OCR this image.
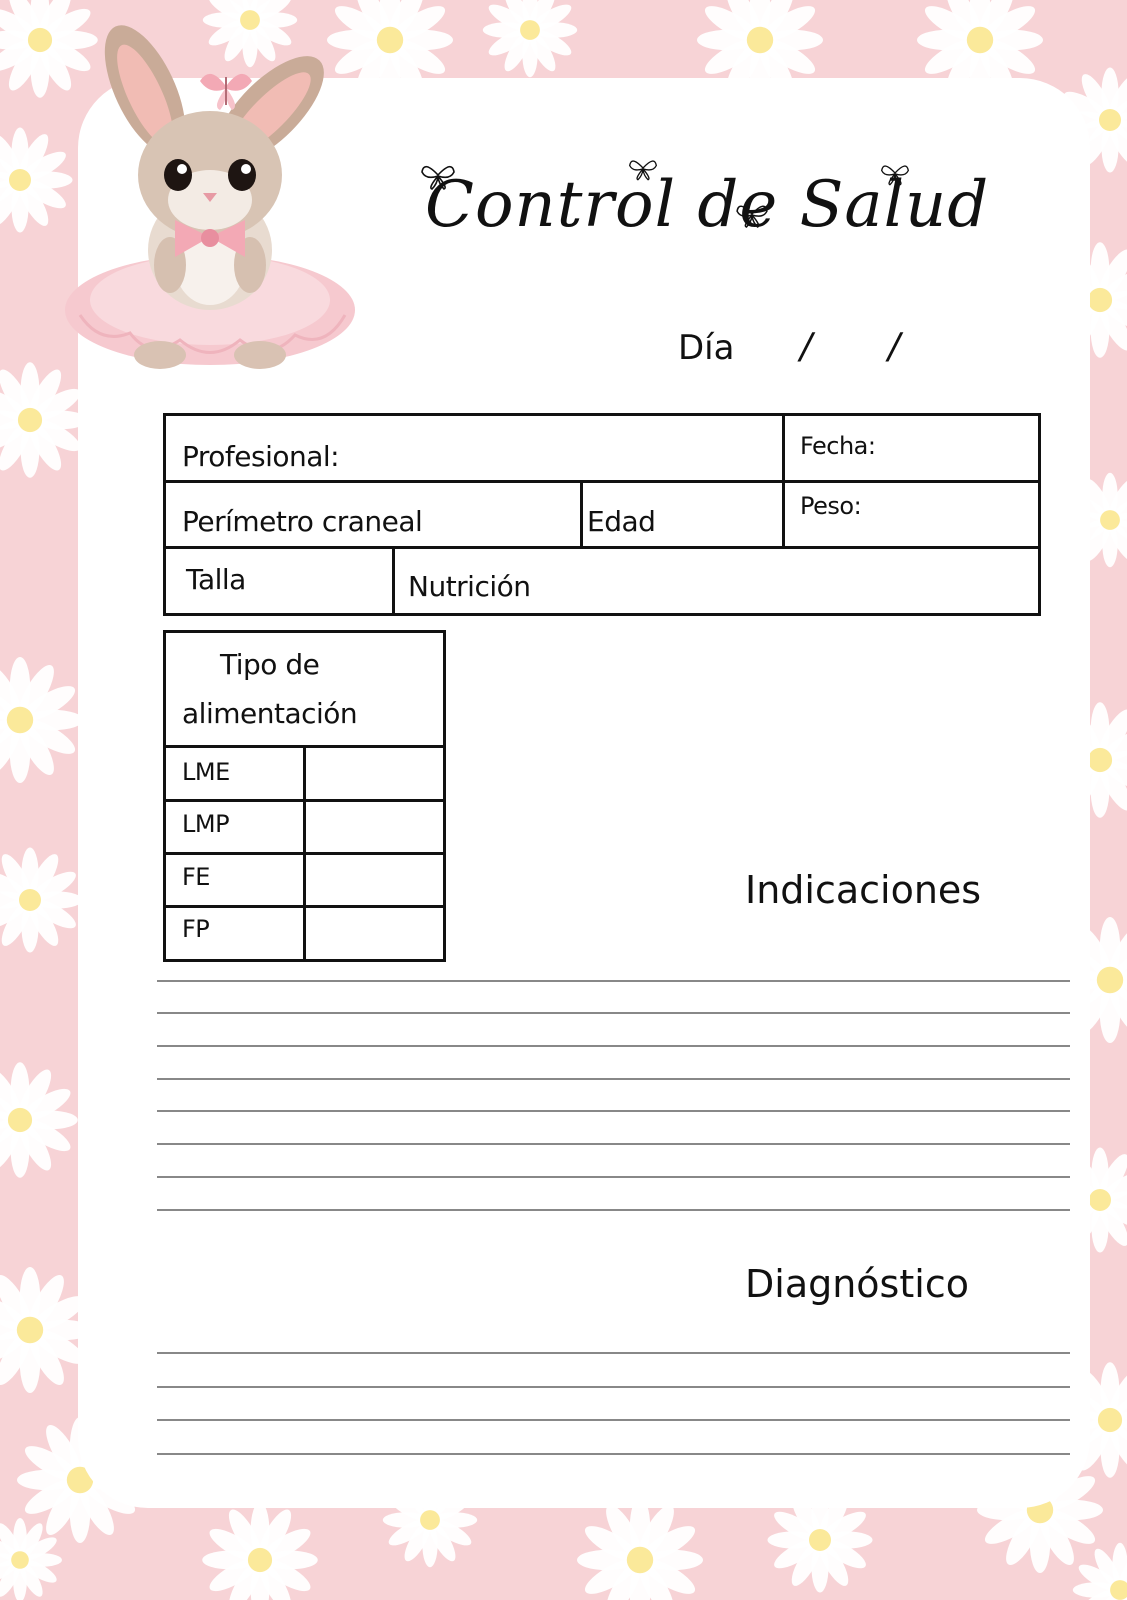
Control de Salud
Día / /
Profesional:	Fecha:
Perímetro craneal	Edad	Peso:
Talla	Nutrición
Tipo de
alimentación
LME
LMP
FE
FP
Indicaciones
Diagnóstico
